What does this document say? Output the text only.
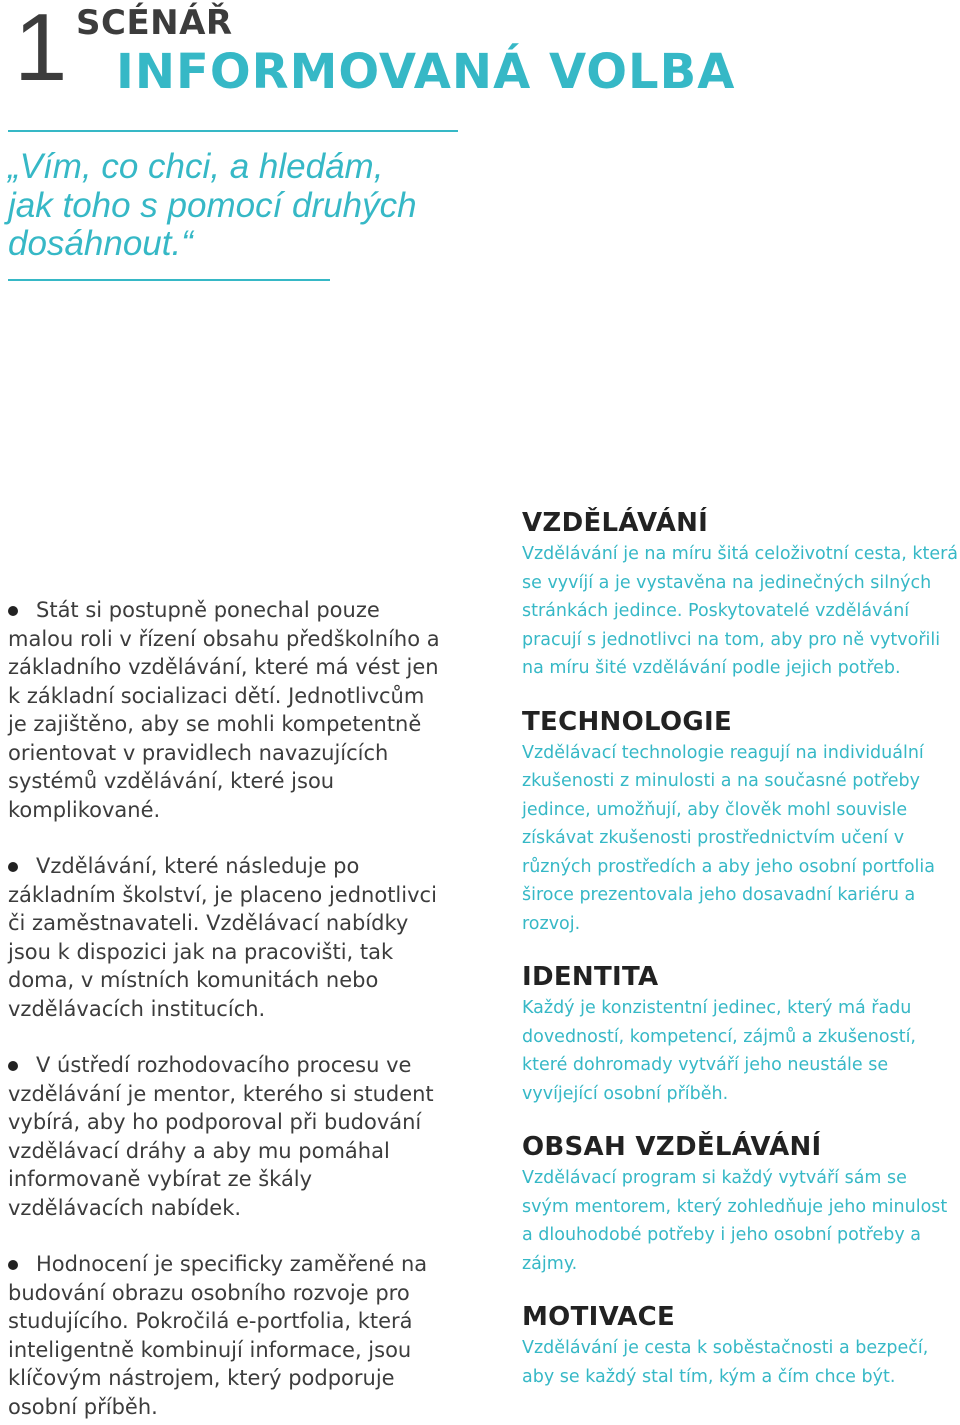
1 SCÉNÁŘ
INFORMOVANÁ VOLBA
„Vím, co chci, a hledám, jak toho s pomocí druhých dosáhnout.“
Stát si postupně ponechal pouze malou roli v řízení obsahu předškolního a základního vzdělávání, které má vést jen k základní socializaci dětí. Jednotlivcům je zajištěno, aby se mohli kompetentně orientovat v pravidlech navazujících systémů vzdělávání, které jsou komplikované.
Vzdělávání, které následuje po základním školství, je placeno jednotlivci či zaměstnavateli. Vzdělávací nabídky jsou k dispozici jak na pracovišti, tak doma, v místních komunitách nebo vzdělávacích institucích.
V ústředí rozhodovacího procesu ve vzdělávání je mentor, kterého si student vybírá, aby ho podporoval při budování vzdělávací dráhy a aby mu pomáhal informovaně vybírat ze škály vzdělávacích nabídek.
Hodnocení je specificky zaměřené na budování obrazu osobního rozvoje pro studujícího. Pokročilá e-portfolia, která inteligentně kombinují informace, jsou klíčovým nástrojem, který podporuje osobní příběh.
VZDĚLÁVÁNÍ
Vzdělávání je na míru šitá celoživotní cesta, která se vyvíjí a je vystavěna na jedinečných silných stránkách jedince. Poskytovatelé vzdělávání pracují s jednotlivci na tom, aby pro ně vytvořili na míru šité vzdělávání podle jejich potřeb.
TECHNOLOGIE
Vzdělávací technologie reagují na individuální zkušenosti z minulosti a na současné potřeby jedince, umožňují, aby člověk mohl souvisle získávat zkušenosti prostřednictvím učení v různých prostředích a aby jeho osobní portfolia široce prezentovala jeho dosavadní kariéru a rozvoj.
IDENTITA
Každý je konzistentní jedinec, který má řadu dovedností, kompetencí, zájmů a zkušeností, které dohromady vytváří jeho neustále se vyvíjející osobní příběh.
OBSAH VZDĚLÁVÁNÍ
Vzdělávací program si každý vytváří sám se svým mentorem, který zohledňuje jeho minulost a dlouhodobé potřeby i jeho osobní potřeby a zájmy.
MOTIVACE
Vzdělávání je cesta k soběstačnosti a bezpečí, aby se každý stal tím, kým a čím chce být.
